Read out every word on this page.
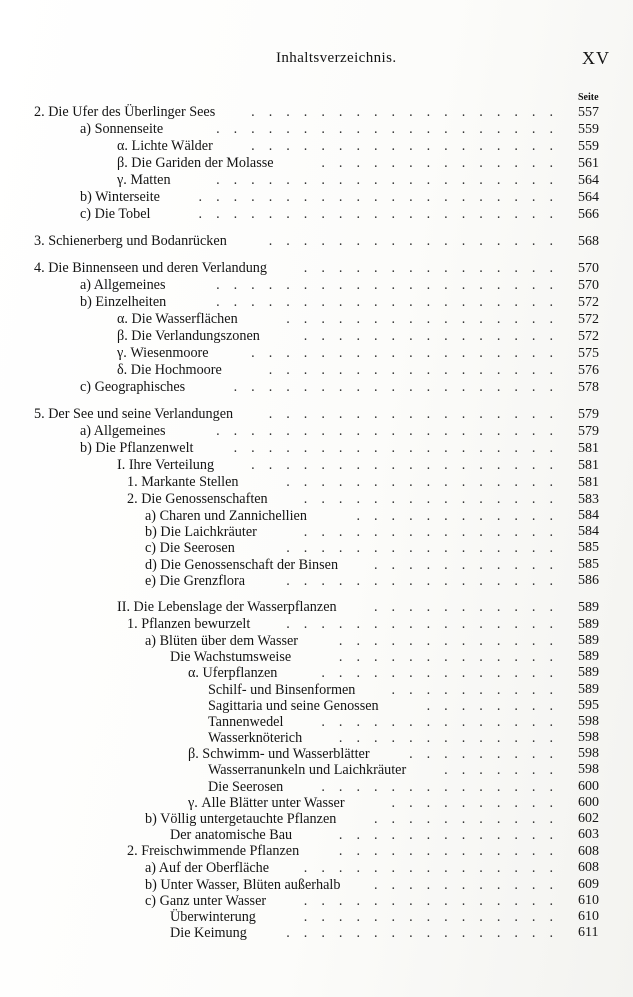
Inhaltsverzeichnis.	XV
Seite
2. Die Ufer des Überlinger Sees	.................. 557
a) Sonnenseite	.................... 559
α. Lichte Wälder	.................. 559
β. Die Gariden der Molasse	.............. 561
γ. Matten	.................... 564
b) Winterseite	..................... 564
c) Die Tobel	..................... 566
3. Schienerberg und Bodanrücken	................. 568
4. Die Binnenseen und deren Verlandung	............... 570
a) Allgemeines	.................... 570
b) Einzelheiten	.................... 572
α. Die Wasserflächen	................ 572
β. Die Verlandungszonen	............... 572
γ. Wiesenmoore	.................. 575
δ. Die Hochmoore	................. 576
c) Geographisches	................... 578
5. Der See und seine Verlandungen	................. 579
a) Allgemeines	.................... 579
b) Die Pflanzenwelt	................... 581
I. Ihre Verteilung	.................. 581
1. Markante Stellen	................ 581
2. Die Genossenschaften	............... 583
a) Charen und Zannichellien	............ 584
b) Die Laichkräuter	............... 584
c) Die Seerosen	................ 585
d) Die Genossenschaft der Binsen	........... 585
e) Die Grenzflora	................ 586
II. Die Lebenslage der Wasserpflanzen	........... 589
1. Pflanzen bewurzelt	................ 589
a) Blüten über dem Wasser	............. 589
Die Wachstumsweise	............. 589
α. Uferpflanzen	.............. 589
Schilf- und Binsenformen	.......... 589
Sagittaria und seine Genossen	........ 595
Tannenwedel	.............. 598
Wasserknöterich	............. 598
β. Schwimm- und Wasserblätter	......... 598
Wasserranunkeln und Laichkräuter	....... 598
Die Seerosen	.............. 600
γ. Alle Blätter unter Wasser	.......... 600
b) Völlig untergetauchte Pflanzen	........... 602
Der anatomische Bau	............. 603
2. Freischwimmende Pflanzen	............. 608
a) Auf der Oberfläche ............... 608
b) Unter Wasser, Blüten außerhalb ........... 609
c) Ganz unter Wasser	............... 610
Überwinterung	............... 610
Die Keimung	................ 611
